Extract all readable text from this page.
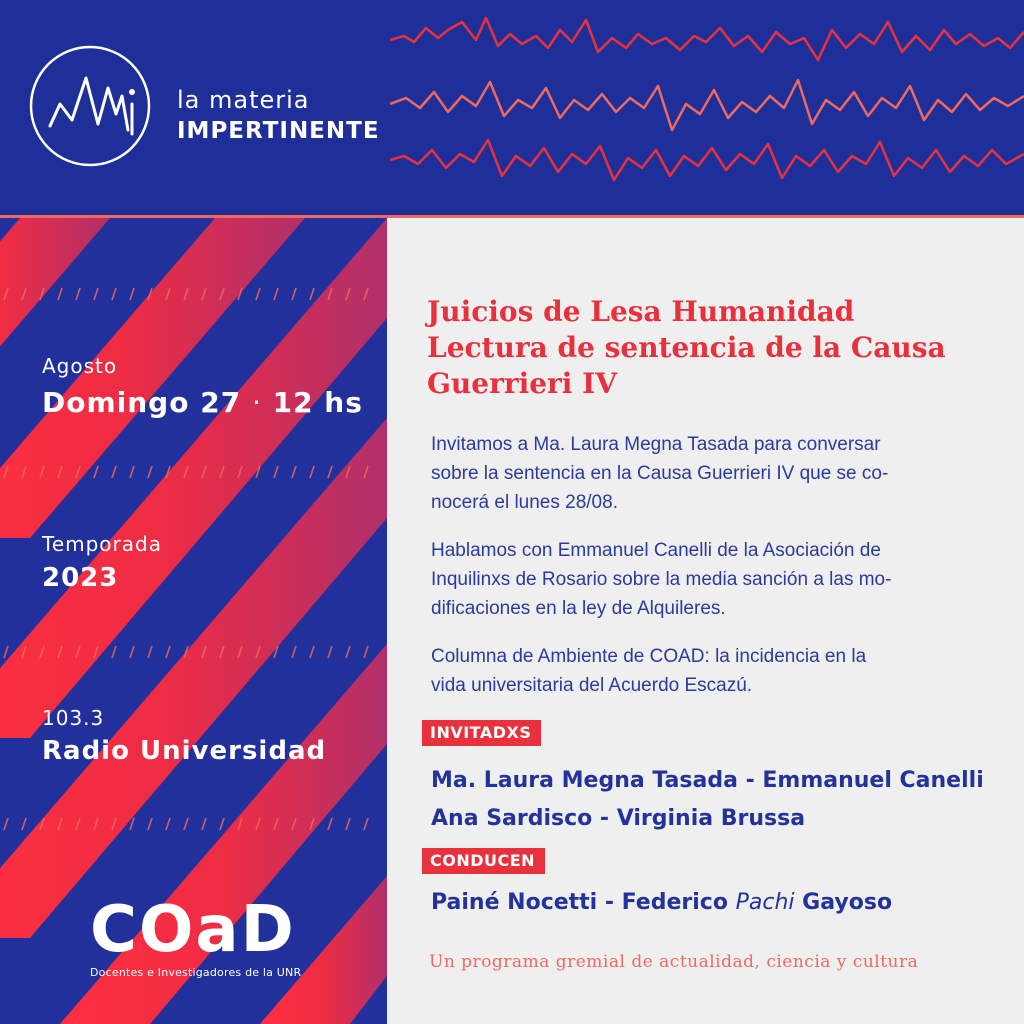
la materia
IMPERTINENTE
Agosto
Domingo 27 · 12 hs
Temporada
2023
103.3
Radio Universidad
COaD
Docentes e Investigadores de la UNR
Juicios de Lesa Humanidad
Lectura de sentencia de la Causa
Guerrieri IV
Invitamos a Ma. Laura Megna Tasada para conversar
sobre la sentencia en la Causa Guerrieri IV que se co-
nocerá el lunes 28/08.
Hablamos con Emmanuel Canelli de la Asociación de
Inquilinxs de Rosario sobre la media sanción a las mo-
dificaciones en la ley de Alquileres.
Columna de Ambiente de COAD: la incidencia en la
vida universitaria del Acuerdo Escazú.
INVITADXS
Ma. Laura Megna Tasada - Emmanuel Canelli
Ana Sardisco - Virginia Brussa
CONDUCEN
Painé Nocetti - Federico Pachi Gayoso
Un programa gremial de actualidad, ciencia y cultura
